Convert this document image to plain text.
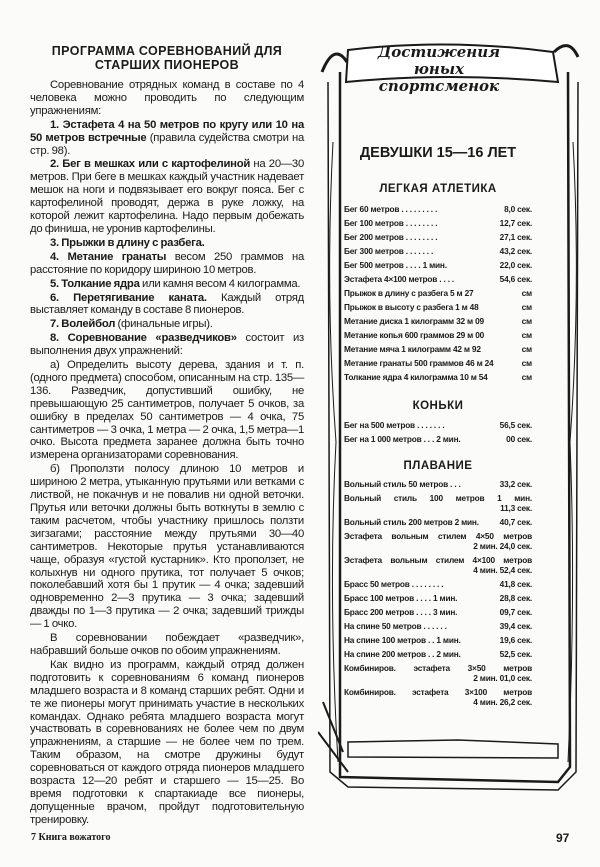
ПРОГРАММА СОРЕВНОВАНИЙ ДЛЯ
СТАРШИХ ПИОНЕРОВ

Соревнование отрядных команд в составе по 4 человека можно проводить по следующим упражнениям:

1. Эстафета 4 на 50 метров по кругу или 10 на 50 метров встречные (правила судейства смотри на стр. 98).

2. Бег в мешках или с картофелиной на 20—30 метров. При беге в мешках каждый участник надевает мешок на ноги и подвязывает его вокруг пояса. Бег с картофелиной проводят, держа в руке ложку, на которой лежит картофелина. Надо первым добежать до финиша, не уронив картофелины.

3. Прыжки в длину с разбега.

4. Метание гранаты весом 250 граммов на расстояние по коридору шириною 10 метров.

5. Толкание ядра или камня весом 4 килограмма.

6. Перетягивание каната. Каждый отряд выставляет команду в составе 8 пионеров.

7. Волейбол (финальные игры).

8. Соревнование «разведчиков» состоит из выполнения двух упражнений:

а) Определить высоту дерева, здания и т. п. (одного предмета) способом, описанным на стр. 135—136. Разведчик, допустивший ошибку, не превышающую 25 сантиметров, получает 5 очков, за ошибку в пределах 50 сантиметров — 4 очка, 75 сантиметров — 3 очка, 1 метра — 2 очка, 1,5 метра—1 очко. Высота предмета заранее должна быть точно измерена организаторами соревнования.

б) Проползти полосу длиною 10 метров и шириною 2 метра, утыканную прутьями или ветками с листвой, не покачнув и не повалив ни одной веточки. Прутья или веточки должны быть воткнуты в землю с таким расчетом, чтобы участнику пришлось ползти зигзагами; расстояние между прутьями 30—40 сантиметров. Некоторые прутья устанавливаются чаще, образуя «густой кустарник». Кто проползет, не колыхнув ни одного прутика, тот получает 5 очков; поколебавший хотя бы 1 прутик — 4 очка; задевший одновременно 2—3 прутика — 3 очка; задевший дважды по 1—3 прутика — 2 очка; задевший трижды — 1 очко.

В соревновании побеждает «разведчик», набравший больше очков по обоим упражнениям.

Как видно из программ, каждый отряд должен подготовить к соревнованиям 6 команд пионеров младшего возраста и 8 команд старших ребят. Одни и те же пионеры могут принимать участие в нескольких командах. Однако ребята младшего возраста могут участвовать в соревнованиях не более чем по двум упражнениям, а старшие — не более чем по трем. Таким образом, на смотре дружины будут соревноваться от каждого отряда пионеров младшего возраста 12—20 ребят и старшего — 15—25. Во время подготовки к спартакиаде все пионеры, допущенные врачом, пройдут подготовительную тренировку.

7 Книга вожатого	97
Достижения
юных спортсменок
ДЕВУШКИ 15—16 ЛЕТ
ЛЕГКАЯ АТЛЕТИКА
Бег 60 метров . . . . . . . . .	8,0 сек.
Бег 100 метров . . . . . . . .	12,7 сек.
Бег 200 метров . . . . . . . .	27,1 сек.
Бег 300 метров . . . . . . .	43,2 сек.
Бег 500 метров . . . . 1 мин.	22,0 сек.
Эстафета 4×100 метров . . . .	54,6 сек.
Прыжок в длину с разбега 5 м 27	см
Прыжок в высоту с разбега 1 м 48	см
Метание диска 1 килограмм 32 м 09	см
Метание копья 600 граммов 29 м 00	см
Метание мяча 1 килограмм 42 м 92	см
Метание гранаты 500 граммов 46 м 24	см
Толкание ядра 4 килограмма 10 м 54	см
КОНЬКИ
Бег на 500 метров . . . . . . .	56,5 сек.
Бег на 1 000 метров . . . 2 мин.	00 сек.
ПЛАВАНИЕ
Вольный стиль 50 метров . . .	33,2 сек.
Вольный стиль 100 метров 1 мин.
11,3 сек.
Вольный стиль 200 метров 2 мин.	40,7 сек.
Эстафета вольным стилем 4×50 метров
2 мин. 24,0 сек.
Эстафета вольным стилем 4×100 метров
4 мин. 52,4 сек.
Брасс 50 метров . . . . . . . .	41,8 сек.
Брасс 100 метров . . . . 1 мин.	28,8 сек.
Брасс 200 метров . . . . 3 мин.	09,7 сек.
На спине 50 метров . . . . . .	39,4 сек.
На спине 100 метров . . 1 мин.	19,6 сек.
На спине 200 метров . . 2 мин.	52,5 сек.
Комбиниров. эстафета 3×50 метров
2 мин. 01,0 сек.
Комбиниров. эстафета 3×100 метров
4 мин. 26,2 сек.
